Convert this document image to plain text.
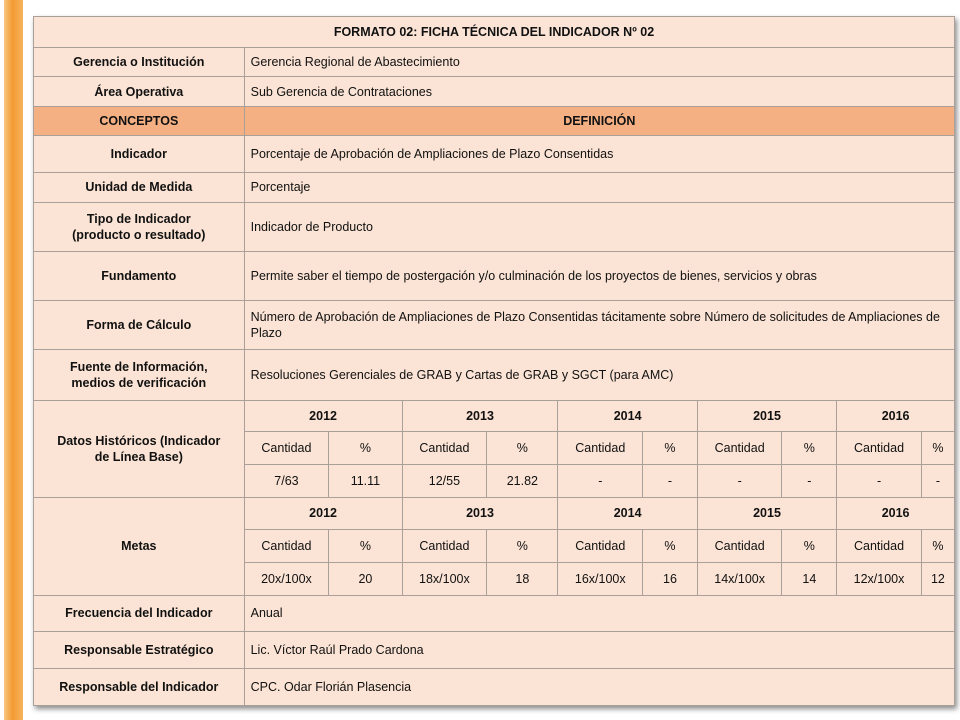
FORMATO 02: FICHA TÉCNICA DEL INDICADOR Nº 02										
Gerencia o Institución	Gerencia Regional de Abastecimiento									
Área Operativa	Sub Gerencia de Contrataciones									
CONCEPTOS	DEFINICIÓN									
Indicador	Porcentaje de Aprobación de Ampliaciones de Plazo Consentidas									
Unidad de Medida	Porcentaje									

Tipo de Indicador
(producto o resultado)	Indicador de Producto									
Fundamento	Permite saber el tiempo de postergación y/o culminación de los proyectos de bienes, servicios y obras									
Forma de Cálculo	Número de Aprobación de Ampliaciones de Plazo Consentidas tácitamente sobre Número de solicitudes de Ampliaciones de Plazo									

Fuente de Información,
medios de verificación	Resoluciones Gerenciales de GRAB y Cartas de GRAB y SGCT (para AMC)									

Datos Históricos (Indicador
de Línea Base)	2012		2013		2014		2015		2016	
	Cantidad	%	Cantidad	%	Cantidad	%	Cantidad	%	Cantidad	%
	7/63	11.11	12/55	21.82	-	-	-	-	-	-
Metas	2012		2013		2014		2015		2016	
	Cantidad	%	Cantidad	%	Cantidad	%	Cantidad	%	Cantidad	%
	20x/100x	20	18x/100x	18	16x/100x	16	14x/100x	14	12x/100x	12
Frecuencia del Indicador	Anual									
Responsable Estratégico	Lic. Víctor Raúl Prado Cardona									
Responsable del Indicador	CPC. Odar Florián Plasencia									
